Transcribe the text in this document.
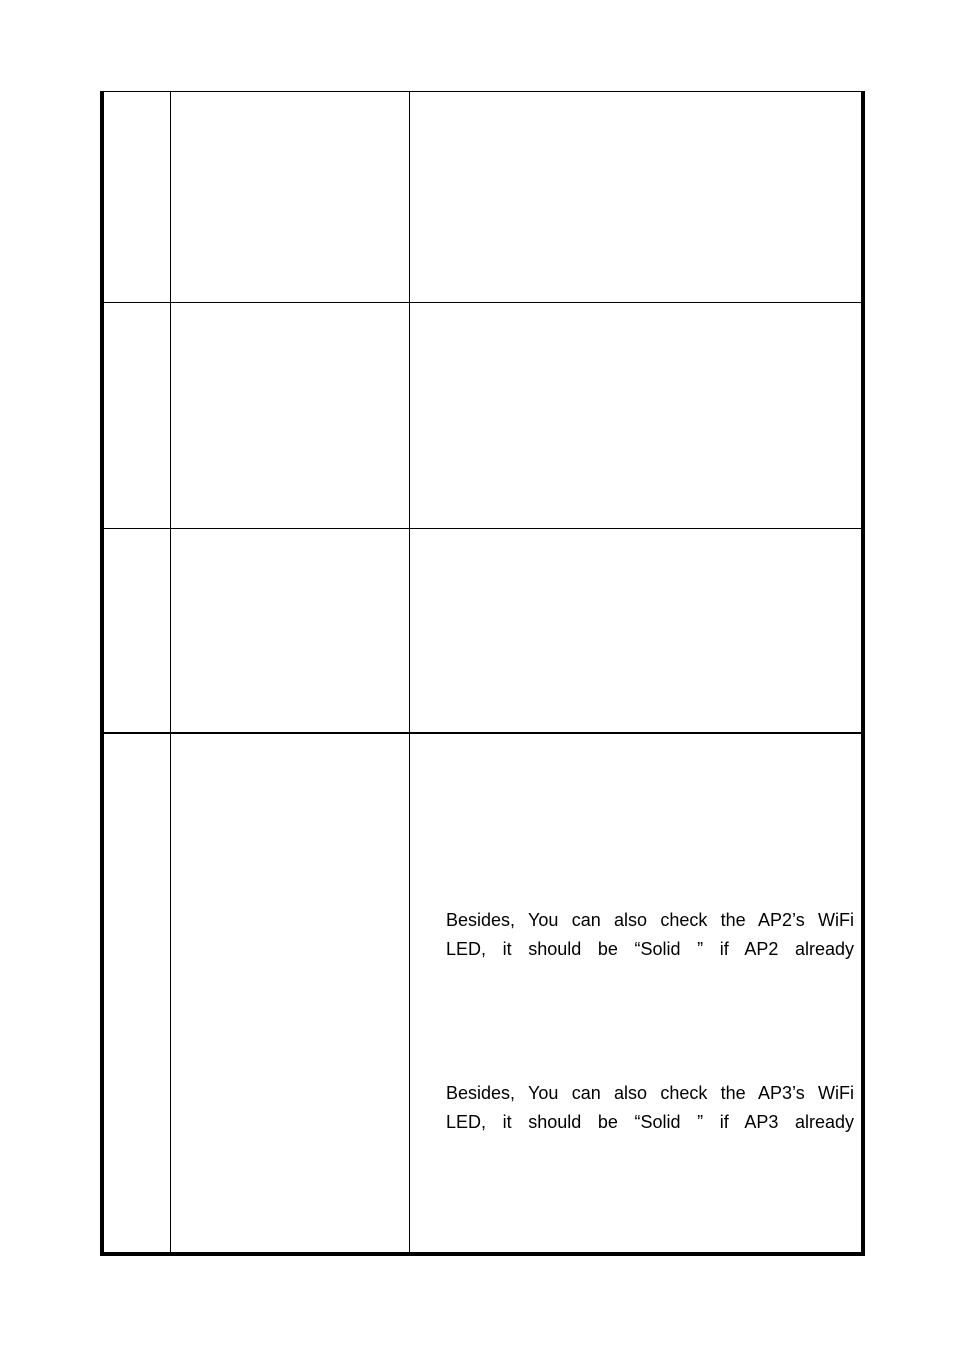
Besides, You can also check the AP2’s WiFi
LED, it should be “Solid ” if AP2 already
Besides, You can also check the AP3’s WiFi
LED, it should be “Solid ” if AP3 already
